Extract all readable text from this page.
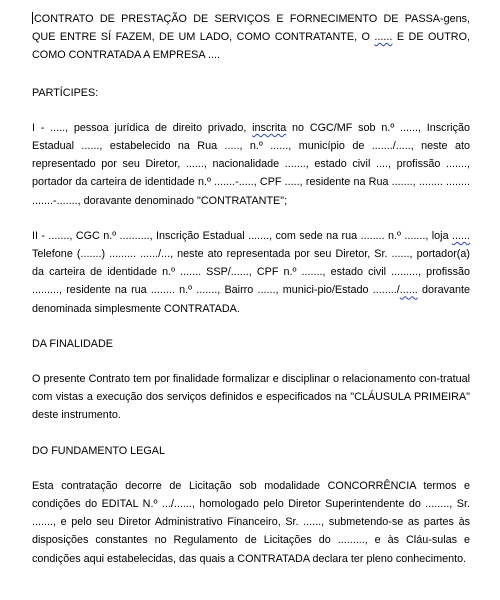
CONTRATO DE PRESTAÇÃO DE SERVIÇOS E FORNECIMENTO DE PASSA-gens, QUE ENTRE SÍ FAZEM, DE UM LADO, COMO CONTRATANTE, O ...... E DE OUTRO, COMO CONTRATADA A EMPRESA ....

PARTÍCIPES:

I - ....., pessoa jurídica de direito privado, inscrita no CGC/MF sob n.º ......, Inscrição Estadual ......, estabelecido na Rua ....., n.º ......, município de ......./....., neste ato representado por seu Diretor, ......, nacionalidade ......., estado civil ...., profissão ......., portador da carteira de identidade n.º .......-....., CPF ....., residente na Rua ......., ........ ........ .......-......., doravante denominado "CONTRATANTE";

II - ......., CGC n.º .........., Inscrição Estadual ......., com sede na rua ........ n.º ......., loja ...... Telefone (.......) ......... ....../..., neste ato representada por seu Diretor, Sr. ......, portador(a) da carteira de identidade n.º ....... SSP/......, CPF n.º ......., estado civil ........., profissão ........., residente na rua ........ n.º ......., Bairro ......, munici-pio/Estado ......../...... doravante denominada simplesmente CONTRATADA.

DA FINALIDADE

O presente Contrato tem por finalidade formalizar e disciplinar o relacionamento con-tratual com vistas a execução dos serviços definidos e especificados na "CLÁUSULA PRIMEIRA" deste instrumento.

DO FUNDAMENTO LEGAL

Esta contratação decorre de Licitação sob modalidade CONCORRÊNCIA termos e condições do EDITAL N.º .../......, homologado pelo Diretor Superintendente do ........, Sr. ......., e pelo seu Diretor Administrativo Financeiro, Sr. ......, submetendo-se as partes às disposições constantes no Regulamento de Licitações do ........., e às Cláu-sulas e condições aqui estabelecidas, das quais a CONTRATADA declara ter pleno conhecimento.
